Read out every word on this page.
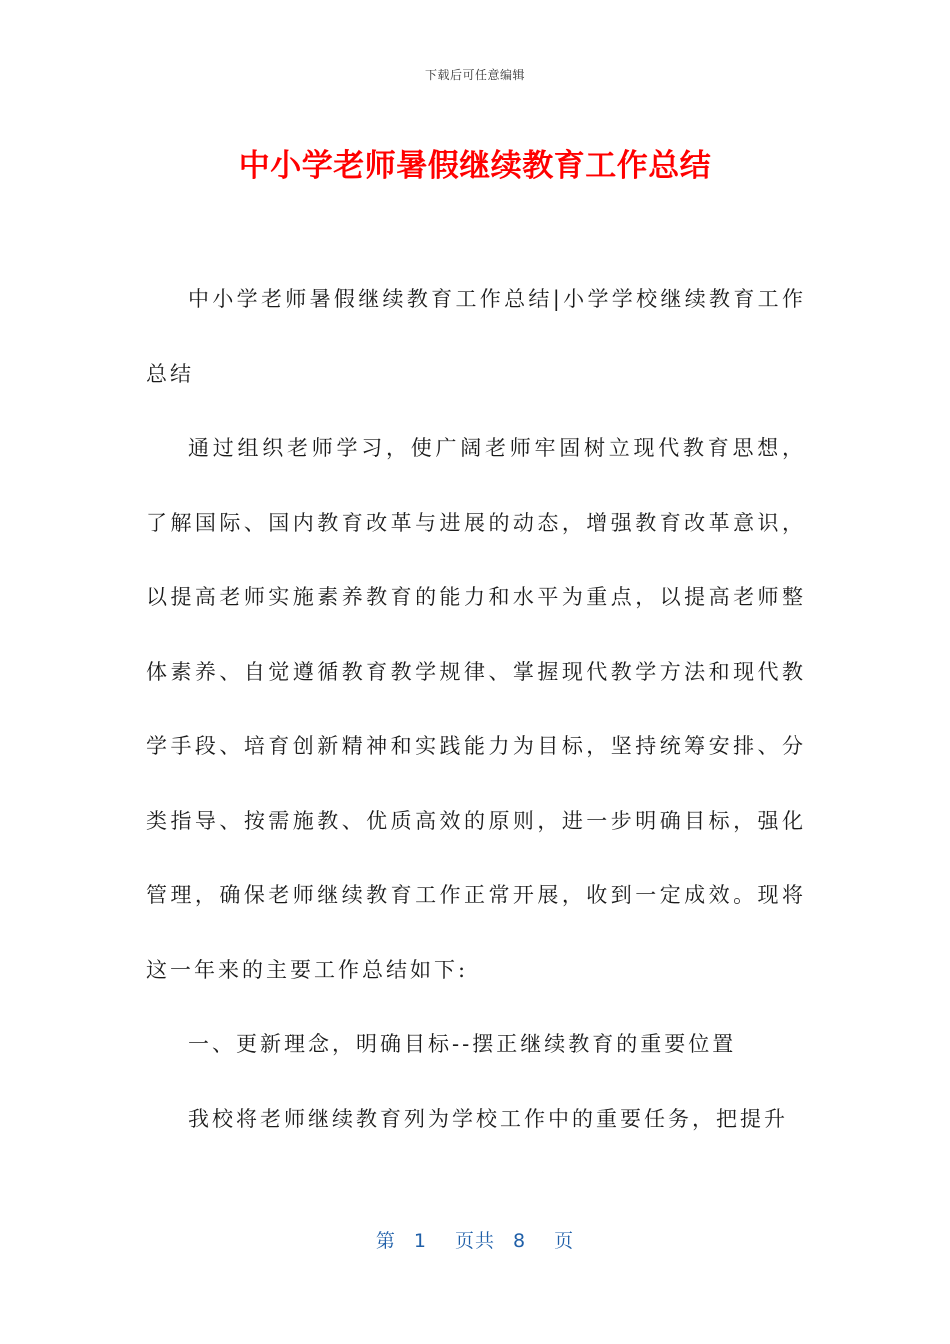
下载后可任意编辑
中小学老师暑假继续教育工作总结

中小学老师暑假继续教育工作总结|小学学校继续教育工作总结

通过组织老师学习，使广阔老师牢固树立现代教育思想，了解国际、国内教育改革与进展的动态，增强教育改革意识，以提高老师实施素养教育的能力和水平为重点，以提高老师整体素养、自觉遵循教育教学规律、掌握现代教学方法和现代教学手段、培育创新精神和实践能力为目标，坚持统筹安排、分类指导、按需施教、优质高效的原则，进一步明确目标，强化管理，确保老师继续教育工作正常开展，收到一定成效。现将这一年来的主要工作总结如下:

一、更新理念，明确目标--摆正继续教育的重要位置

我校将老师继续教育列为学校工作中的重要任务，把提升

第 1 页共 8 页
